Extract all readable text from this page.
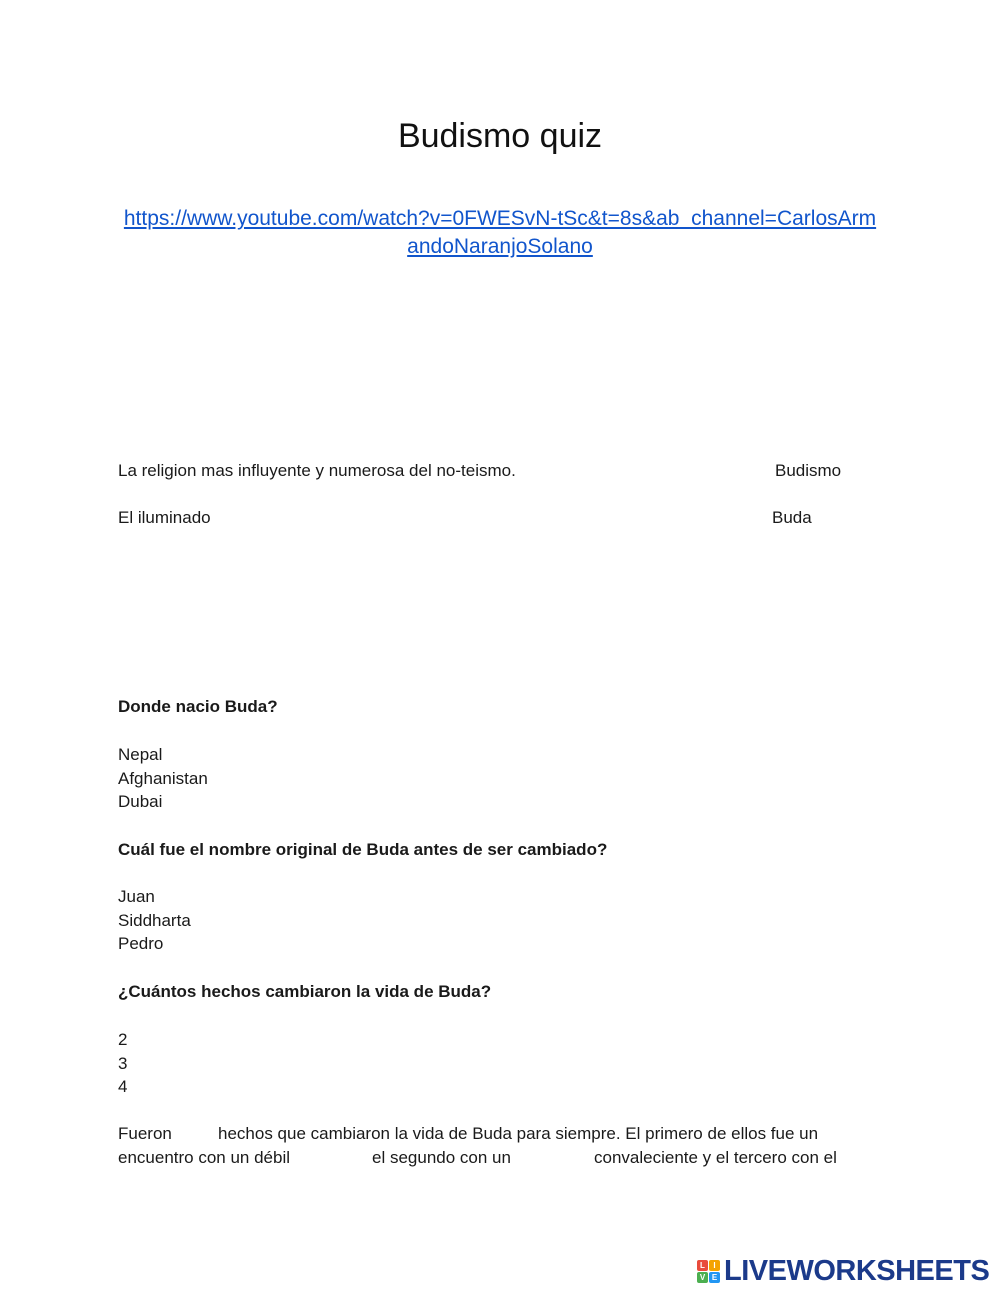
Budismo quiz
https://www.youtube.com/watch?v=0FWESvN-tSc&t=8s&ab_channel=CarlosArm
andoNaranjoSolano
La religion mas influyente y numerosa del no-teismo.	Budismo
El iluminado	Buda
Donde nacio Buda?
Nepal
Afghanistan
Dubai
Cuál fue el nombre original de Buda antes de ser cambiado?
Juan
Siddharta
Pedro
¿Cuántos hechos cambiaron la vida de Buda?
2
3
4
Fueron	hechos que cambiaron la vida de Buda para siempre. El primero de ellos fue un
encuentro con un débil	el segundo con un	convaleciente y el tercero con el
L	I
V E LIVEWORKSHEETS
